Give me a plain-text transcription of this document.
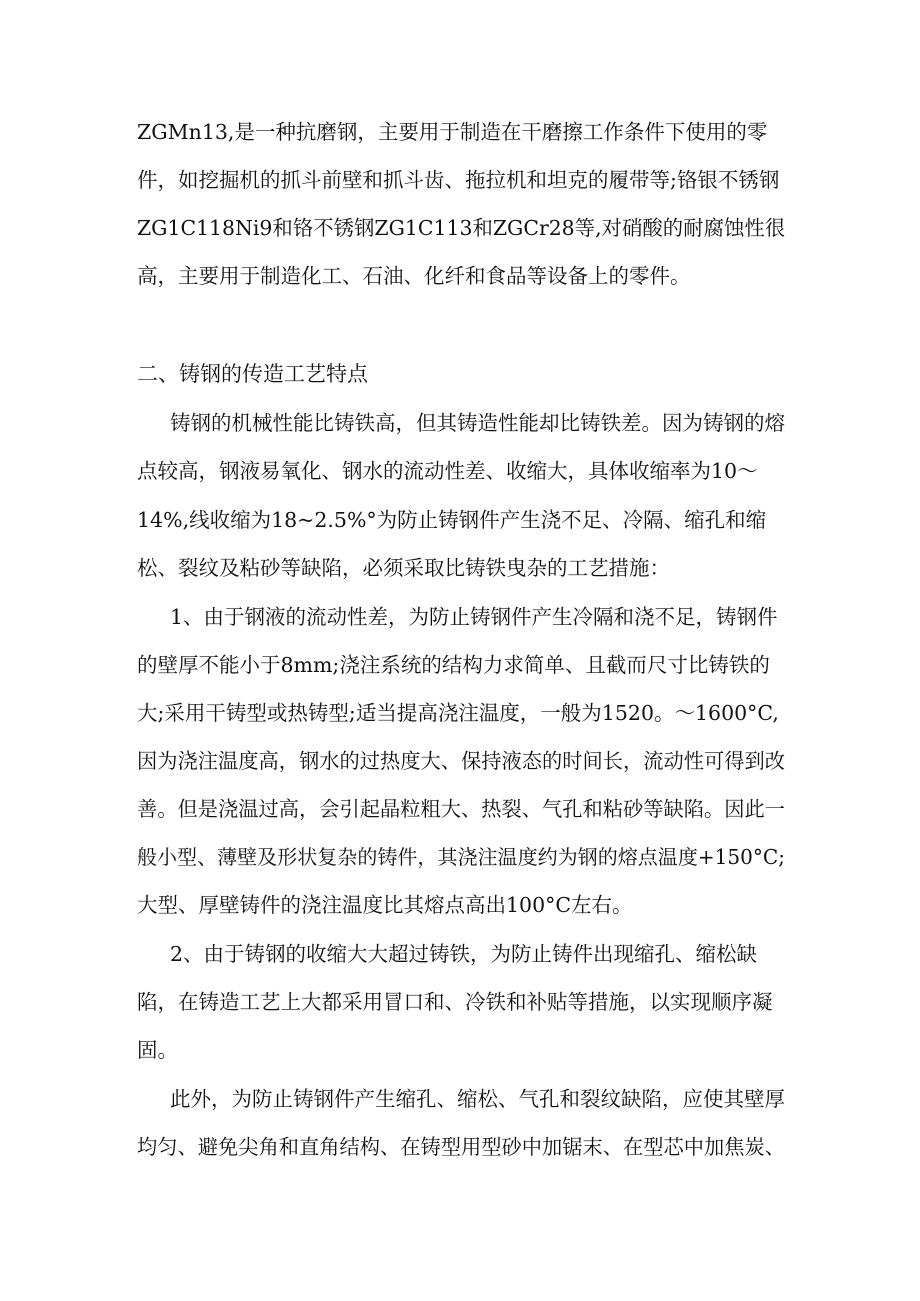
ZGMn13,是一种抗磨钢，主要用于制造在干磨擦工作条件下使用的零
件，如挖掘机的抓斗前壁和抓斗齿、拖拉机和坦克的履带等;铬银不锈钢
ZG1C118Ni9和铬不锈钢ZG1C113和ZGCr28等,对硝酸的耐腐蚀性很
高，主要用于制造化工、石油、化纤和食品等设备上的零件。
二、铸钢的传造工艺特点
铸钢的机械性能比铸铁高，但其铸造性能却比铸铁差。因为铸钢的熔
点较高，钢液易氧化、钢水的流动性差、收缩大，具体收缩率为10〜
14%,线收缩为18~2.5%°为防止铸钢件产生浇不足、冷隔、缩孔和缩
松、裂纹及粘砂等缺陷，必须采取比铸铁曳杂的工艺措施：
1、由于钢液的流动性差，为防止铸钢件产生冷隔和浇不足，铸钢件
的壁厚不能小于8mm;浇注系统的结构力求简单、且截而尺寸比铸铁的
大;采用干铸型或热铸型;适当提高浇注温度，一般为1520。〜1600°C,
因为浇注温度高，钢水的过热度大、保持液态的时间长，流动性可得到改
善。但是浇温过高，会引起晶粒粗大、热裂、气孔和粘砂等缺陷。因此一
般小型、薄壁及形状复杂的铸件，其浇注温度约为钢的熔点温度+150°C;
大型、厚壁铸件的浇注温度比其熔点高出100°C左右。
2、由于铸钢的收缩大大超过铸铁，为防止铸件出现缩孔、缩松缺
陷，在铸造工艺上大都采用冒口和、冷铁和补贴等措施，以实现顺序凝
固。
此外，为防止铸钢件产生缩孔、缩松、气孔和裂纹缺陷，应使其壁厚
均匀、避免尖角和直角结构、在铸型用型砂中加锯末、在型芯中加焦炭、
